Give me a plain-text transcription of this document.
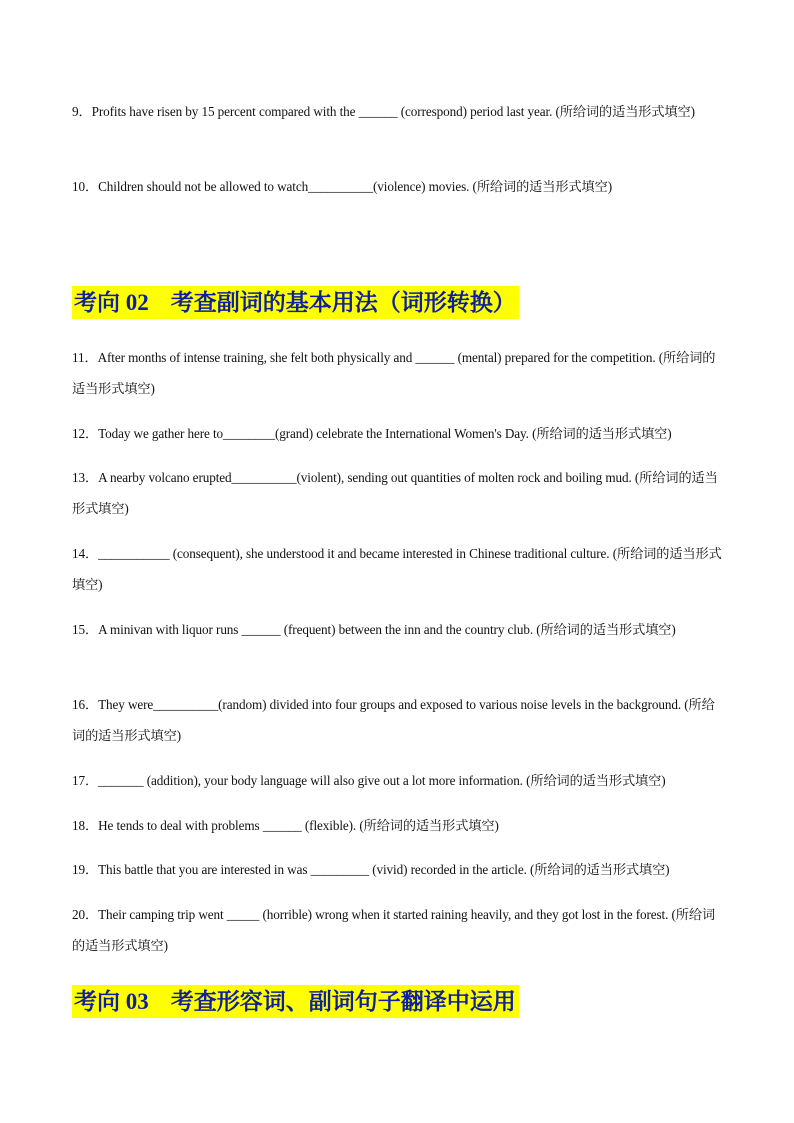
9．Profits have risen by 15 percent compared with the ______ (correspond) period last year. (所给词的适当形式填空)
10．Children should not be allowed to watch__________(violence) movies. (所给词的适当形式填空)
考向 02 考查副词的基本用法（词形转换）
11．After months of intense training, she felt both physically and ______ (mental) prepared for the competition. (所给词的适当形式填空)
12．Today we gather here to________(grand) celebrate the International Women's Day. (所给词的适当形式填空)
13．A nearby volcano erupted__________(violent), sending out quantities of molten rock and boiling mud. (所给词的适当形式填空)
14．___________ (consequent), she understood it and became interested in Chinese traditional culture. (所给词的适当形式填空)
15．A minivan with liquor runs ______ (frequent) between the inn and the country club. (所给词的适当形式填空)
16．They were__________(random) divided into four groups and exposed to various noise levels in the background. (所给词的适当形式填空)
17．_______ (addition), your body language will also give out a lot more information. (所给词的适当形式填空)
18．He tends to deal with problems ______ (flexible). (所给词的适当形式填空)
19．This battle that you are interested in was _________ (vivid) recorded in the article. (所给词的适当形式填空)
20．Their camping trip went _____ (horrible) wrong when it started raining heavily, and they got lost in the forest. (所给词的适当形式填空)
考向 03 考查形容词、副词句子翻译中运用
